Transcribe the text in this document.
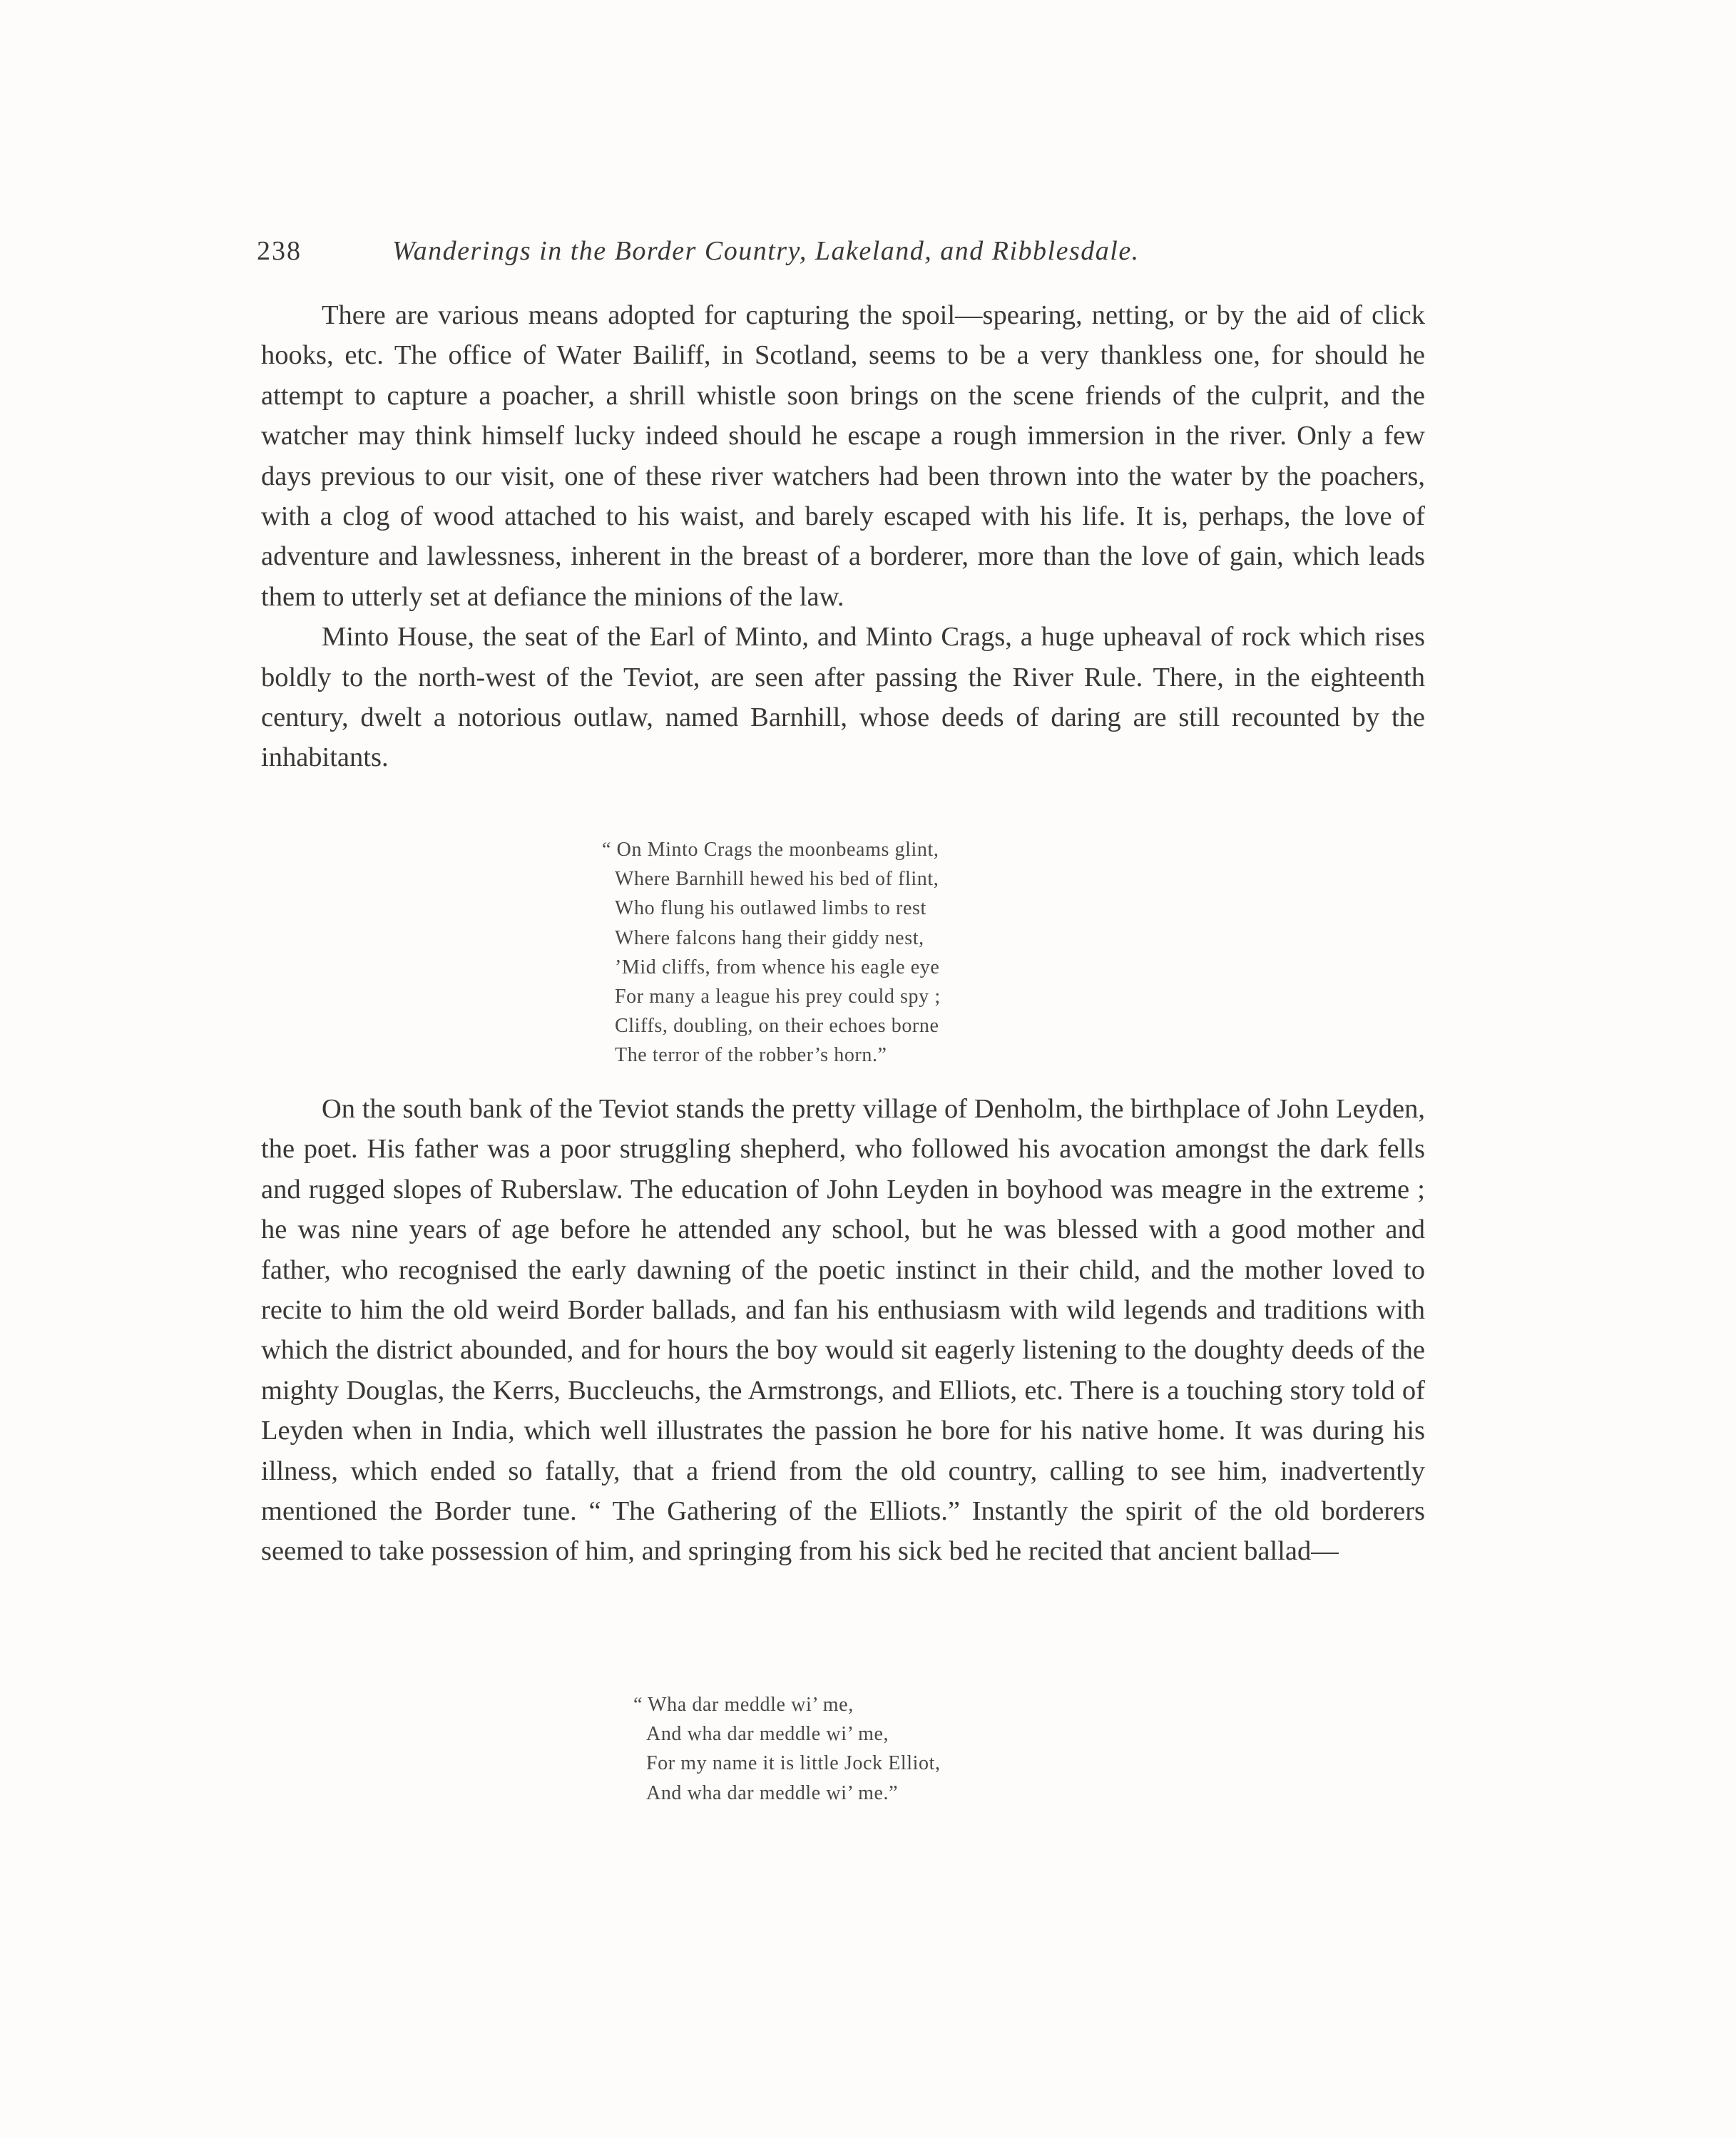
238	Wanderings in the Border Country, Lakeland, and Ribblesdale.

There are various means adopted for capturing the spoil—spearing, netting, or by the aid of click hooks, etc. The office of Water Bailiff, in Scotland, seems to be a very thankless one, for should he attempt to capture a poacher, a shrill whistle soon brings on the scene friends of the culprit, and the watcher may think himself lucky indeed should he escape a rough immersion in the river. Only a few days previous to our visit, one of these river watchers had been thrown into the water by the poachers, with a clog of wood attached to his waist, and barely escaped with his life. It is, perhaps, the love of adventure and lawlessness, inherent in the breast of a borderer, more than the love of gain, which leads them to utterly set at defiance the minions of the law.

Minto House, the seat of the Earl of Minto, and Minto Crags, a huge upheaval of rock which rises boldly to the north-west of the Teviot, are seen after passing the River Rule. There, in the eighteenth century, dwelt a notorious outlaw, named Barnhill, whose deeds of daring are still recounted by the inhabitants.

“ On Minto Crags the moonbeams glint,
Where Barnhill hewed his bed of flint,
Who flung his outlawed limbs to rest
Where falcons hang their giddy nest,
’Mid cliffs, from whence his eagle eye
For many a league his prey could spy ;
Cliffs, doubling, on their echoes borne
The terror of the robber’s horn.”

On the south bank of the Teviot stands the pretty village of Denholm, the birthplace of John Leyden, the poet. His father was a poor struggling shepherd, who followed his avocation amongst the dark fells and rugged slopes of Ruberslaw. The education of John Leyden in boyhood was meagre in the extreme ; he was nine years of age before he attended any school, but he was blessed with a good mother and father, who recognised the early dawning of the poetic instinct in their child, and the mother loved to recite to him the old weird Border ballads, and fan his enthusiasm with wild legends and traditions with which the district abounded, and for hours the boy would sit eagerly listening to the doughty deeds of the mighty Douglas, the Kerrs, Buccleuchs, the Armstrongs, and Elliots, etc. There is a touching story told of Leyden when in India, which well illustrates the passion he bore for his native home. It was during his illness, which ended so fatally, that a friend from the old country, calling to see him, inadvertently mentioned the Border tune. “ The Gathering of the Elliots.” Instantly the spirit of the old borderers seemed to take possession of him, and springing from his sick bed he recited that ancient ballad—

“ Wha dar meddle wi’ me,
And wha dar meddle wi’ me,
For my name it is little Jock Elliot,
And wha dar meddle wi’ me.”
